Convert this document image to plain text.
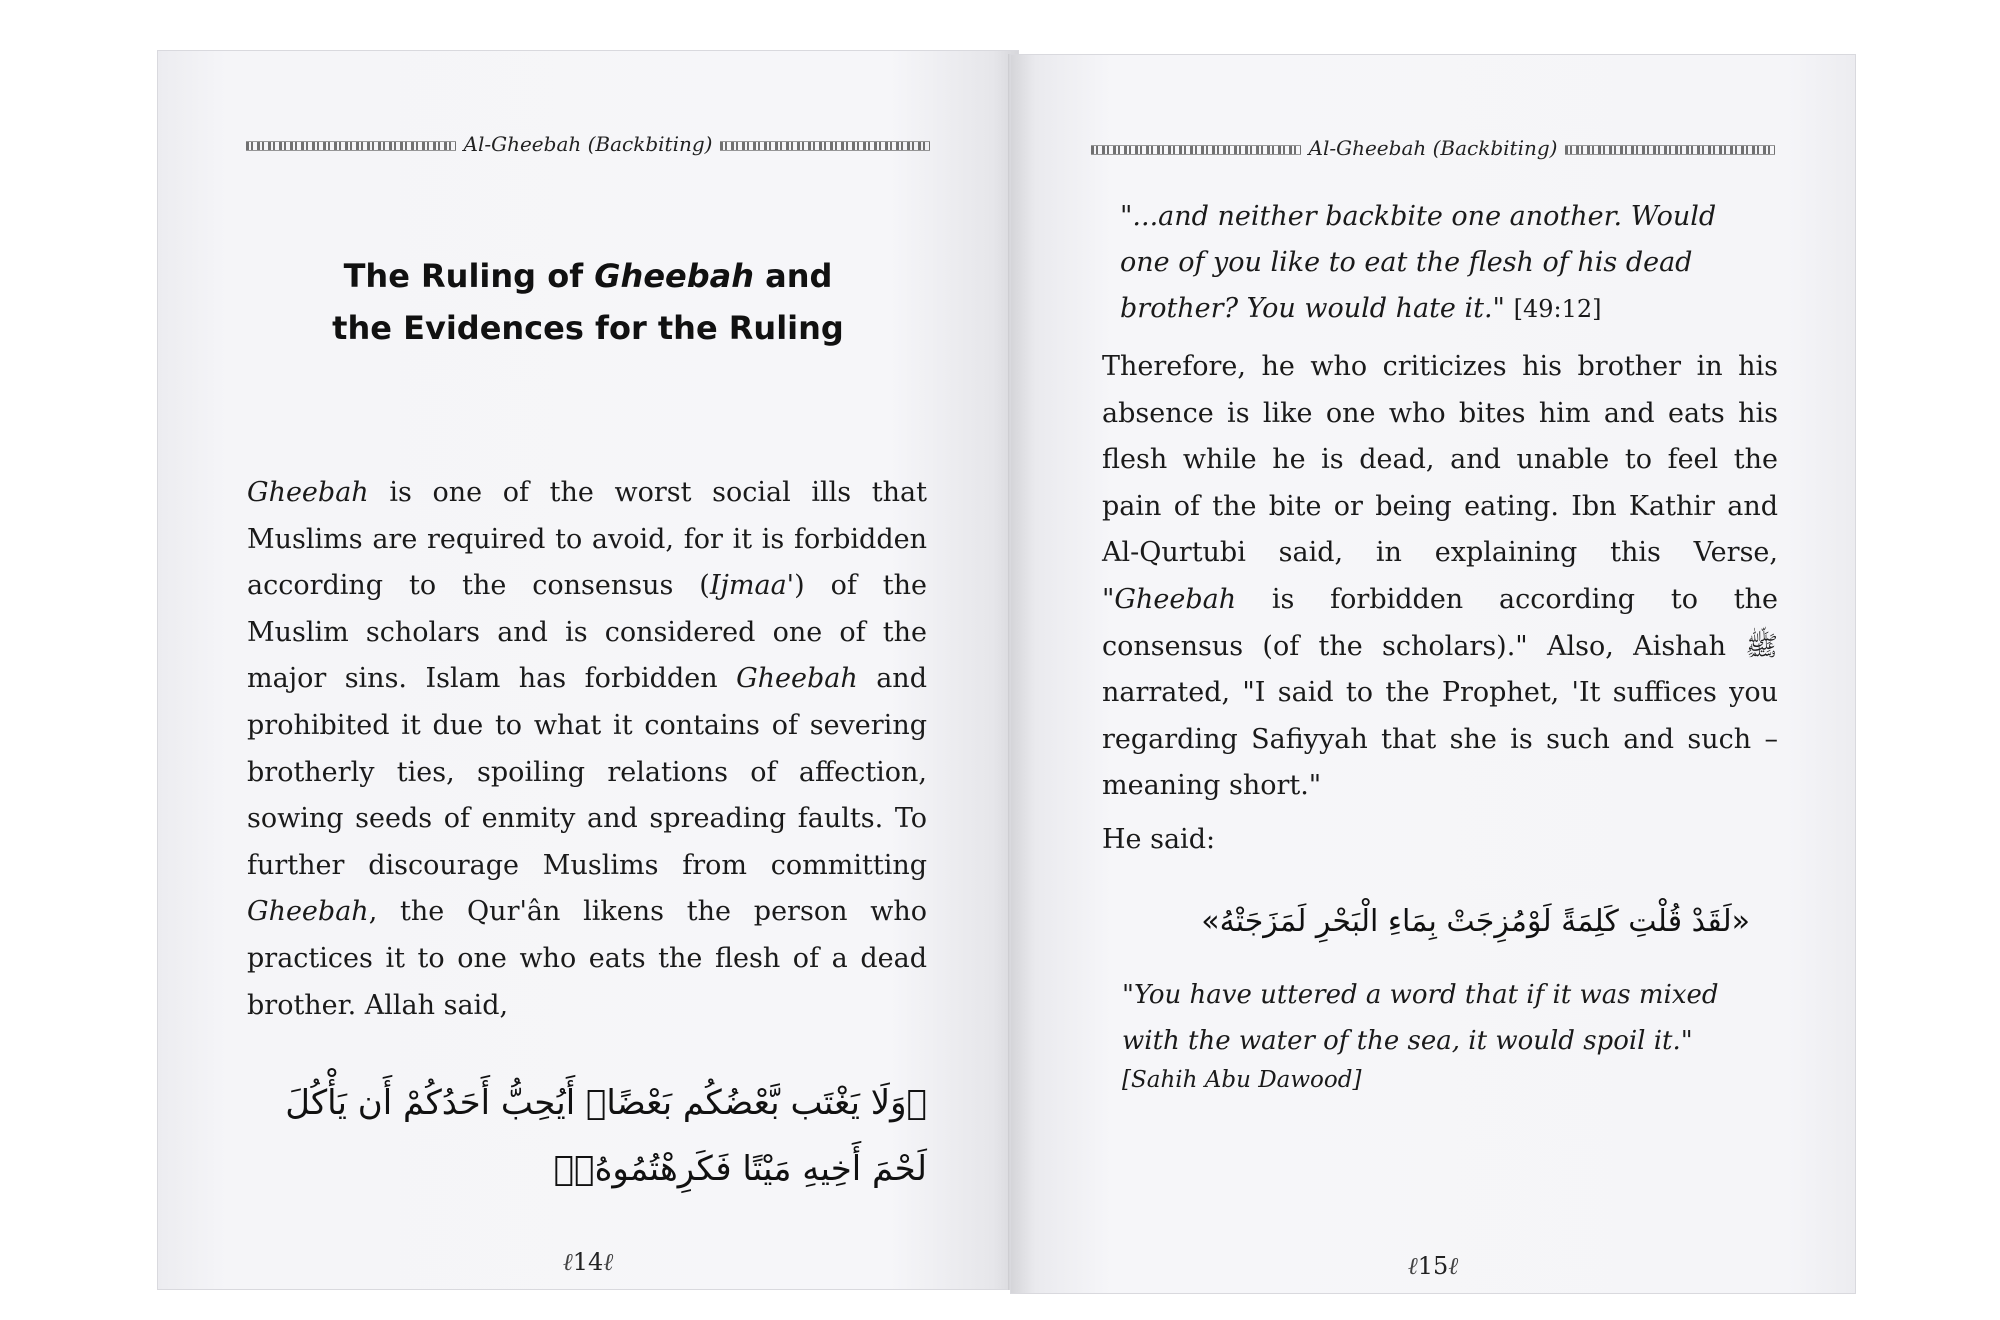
Al-Gheebah (Backbiting)
The Ruling of Gheebah and
the Evidences for the Ruling
Gheebah is one of the worst social ills that Muslims are required to avoid, for it is forbidden according to the consensus (Ijmaa') of the Muslim scholars and is considered one of the major sins. Islam has forbidden Gheebah and prohibited it due to what it contains of severing brotherly ties, spoiling relations of affection, sowing seeds of enmity and spreading faults. To further discourage Muslims from committing Gheebah, the Qur'ân likens the person who practices it to one who eats the flesh of a dead brother. Allah said,
﴿وَلَا يَغْتَب بَّعْضُكُم بَعْضًاۚ أَيُحِبُّ أَحَدُكُمْ أَن يَأْكُلَ
لَحْمَ أَخِيهِ مَيْتًا فَكَرِهْتُمُوهُۚ﴾
ℓ14ℓ
Al-Gheebah (Backbiting)
"...and neither backbite one another. Would one of you like to eat the flesh of his dead brother? You would hate it." [49:12]
Therefore, he who criticizes his brother in his absence is like one who bites him and eats his flesh while he is dead, and unable to feel the pain of the bite or being eating. Ibn Kathir and Al-Qurtubi said, in explaining this Verse, "Gheebah is forbidden according to the consensus (of the scholars)." Also, Aishah ﷺ narrated, "I said to the Prophet, 'It suffices you regarding Safiyyah that she is such and such – meaning short."
He said:
«لَقَدْ قُلْتِ كَلِمَةً لَوْمُزِجَتْ بِمَاءِ الْبَحْرِ لَمَزَجَتْهُ»
"You have uttered a word that if it was mixed with the water of the sea, it would spoil it."
[Sahih Abu Dawood]
ℓ15ℓ
